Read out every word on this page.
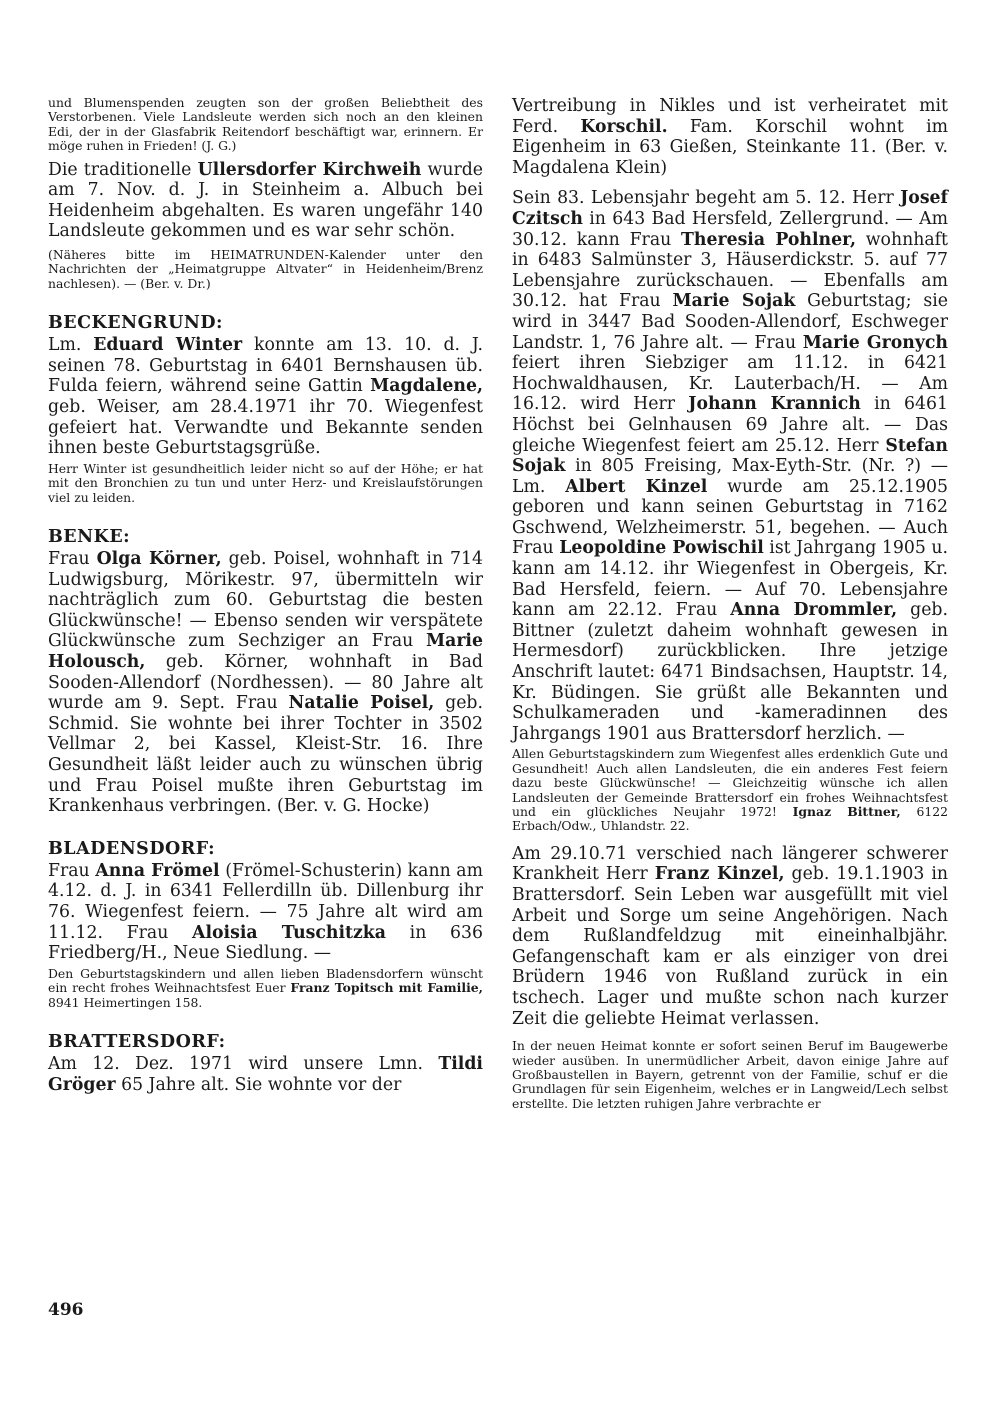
und Blumenspenden zeugten son der großen Beliebtheit des Verstorbenen. Viele Landsleute werden sich noch an den kleinen Edi, der in der Glasfabrik Reitendorf beschäftigt war, erinnern. Er möge ruhen in Frieden! (J. G.)

Die traditionelle Ullersdorfer Kirchweih wurde am 7. Nov. d. J. in Steinheim a. Albuch bei Heidenheim abgehalten. Es waren ungefähr 140 Landsleute gekommen und es war sehr schön.

(Näheres bitte im HEIMATRUNDEN-Kalender unter den Nachrichten der „Heimatgruppe Altvater“ in Heidenheim/Brenz nachlesen). — (Ber. v. Dr.)

BECKENGRUND:

Lm. Eduard Winter konnte am 13. 10. d. J. seinen 78. Geburtstag in 6401 Bernshausen üb. Fulda feiern, während seine Gattin Magdalene, geb. Weiser, am 28.4.1971 ihr 70. Wiegenfest gefeiert hat. Verwandte und Bekannte senden ihnen beste Geburtstagsgrüße.

Herr Winter ist gesundheitlich leider nicht so auf der Höhe; er hat mit den Bronchien zu tun und unter Herz- und Kreislaufstörungen viel zu leiden.

BENKE:

Frau Olga Körner, geb. Poisel, wohnhaft in 714 Ludwigsburg, Mörikestr. 97, übermitteln wir nachträglich zum 60. Geburtstag die besten Glückwünsche! — Ebenso senden wir verspätete Glückwünsche zum Sechziger an Frau Marie Holousch, geb. Körner, wohnhaft in Bad Sooden-Allendorf (Nordhessen). — 80 Jahre alt wurde am 9. Sept. Frau Natalie Poisel, geb. Schmid. Sie wohnte bei ihrer Tochter in 3502 Vellmar 2, bei Kassel, Kleist-Str. 16. Ihre Gesundheit läßt leider auch zu wünschen übrig und Frau Poisel mußte ihren Geburtstag im Krankenhaus verbringen. (Ber. v. G. Hocke)

BLADENSDORF:

Frau Anna Frömel (Frömel-Schusterin) kann am 4.12. d. J. in 6341 Fellerdilln üb. Dillenburg ihr 76. Wiegenfest feiern. — 75 Jahre alt wird am 11.12. Frau Aloisia Tuschitzka in 636 Friedberg/H., Neue Siedlung. —

Den Geburtstagskindern und allen lieben Bladensdorfern wünscht ein recht frohes Weihnachtsfest Euer Franz Topitsch mit Familie, 8941 Heimertingen 158.

BRATTERSDORF:

Am 12. Dez. 1971 wird unsere Lmn. Tildi Gröger 65 Jahre alt. Sie wohnte vor der

Vertreibung in Nikles und ist verheiratet mit Ferd. Korschil. Fam. Korschil wohnt im Eigenheim in 63 Gießen, Steinkante 11. (Ber. v. Magdalena Klein)

Sein 83. Lebensjahr begeht am 5. 12. Herr Josef Czitsch in 643 Bad Hersfeld, Zellergrund. — Am 30.12. kann Frau Theresia Pohlner, wohnhaft in 6483 Salmünster 3, Häuserdickstr. 5. auf 77 Lebensjahre zurückschauen. — Ebenfalls am 30.12. hat Frau Marie Sojak Geburtstag; sie wird in 3447 Bad Sooden-Allendorf, Eschweger Landstr. 1, 76 Jahre alt. — Frau Marie Gronych feiert ihren Siebziger am 11.12. in 6421 Hochwaldhausen, Kr. Lauterbach/H. — Am 16.12. wird Herr Johann Krannich in 6461 Höchst bei Gelnhausen 69 Jahre alt. — Das gleiche Wiegenfest feiert am 25.12. Herr Stefan Sojak in 805 Freising, Max-Eyth-Str. (Nr. ?) — Lm. Albert Kinzel wurde am 25.12.1905 geboren und kann seinen Geburtstag in 7162 Gschwend, Welzheimerstr. 51, begehen. — Auch Frau Leopoldine Powischil ist Jahrgang 1905 u. kann am 14.12. ihr Wiegenfest in Obergeis, Kr. Bad Hersfeld, feiern. — Auf 70. Lebensjahre kann am 22.12. Frau Anna Drommler, geb. Bittner (zuletzt daheim wohnhaft gewesen in Hermesdorf) zurückblicken. Ihre jetzige Anschrift lautet: 6471 Bindsachsen, Hauptstr. 14, Kr. Büdingen. Sie grüßt alle Bekannten und Schulkameraden und -kameradinnen des Jahrgangs 1901 aus Brattersdorf herzlich. —

Allen Geburtstagskindern zum Wiegenfest alles erdenklich Gute und Gesundheit! Auch allen Landsleuten, die ein anderes Fest feiern dazu beste Glückwünsche! — Gleichzeitig wünsche ich allen Landsleuten der Gemeinde Brattersdorf ein frohes Weihnachtsfest und ein glückliches Neujahr 1972! Ignaz Bittner, 6122 Erbach/Odw., Uhlandstr. 22.

Am 29.10.71 verschied nach längerer schwerer Krankheit Herr Franz Kinzel, geb. 19.1.1903 in Brattersdorf. Sein Leben war ausgefüllt mit viel Arbeit und Sorge um seine Angehörigen. Nach dem Rußlandfeldzug mit eineinhalbjähr. Gefangenschaft kam er als einziger von drei Brüdern 1946 von Rußland zurück in ein tschech. Lager und mußte schon nach kurzer Zeit die geliebte Heimat verlassen.

In der neuen Heimat konnte er sofort seinen Beruf im Baugewerbe wieder ausüben. In unermüdlicher Arbeit, davon einige Jahre auf Großbaustellen in Bayern, getrennt von der Familie, schuf er die Grundlagen für sein Eigenheim, welches er in Langweid/Lech selbst erstellte. Die letzten ruhigen Jahre verbrachte er

496
